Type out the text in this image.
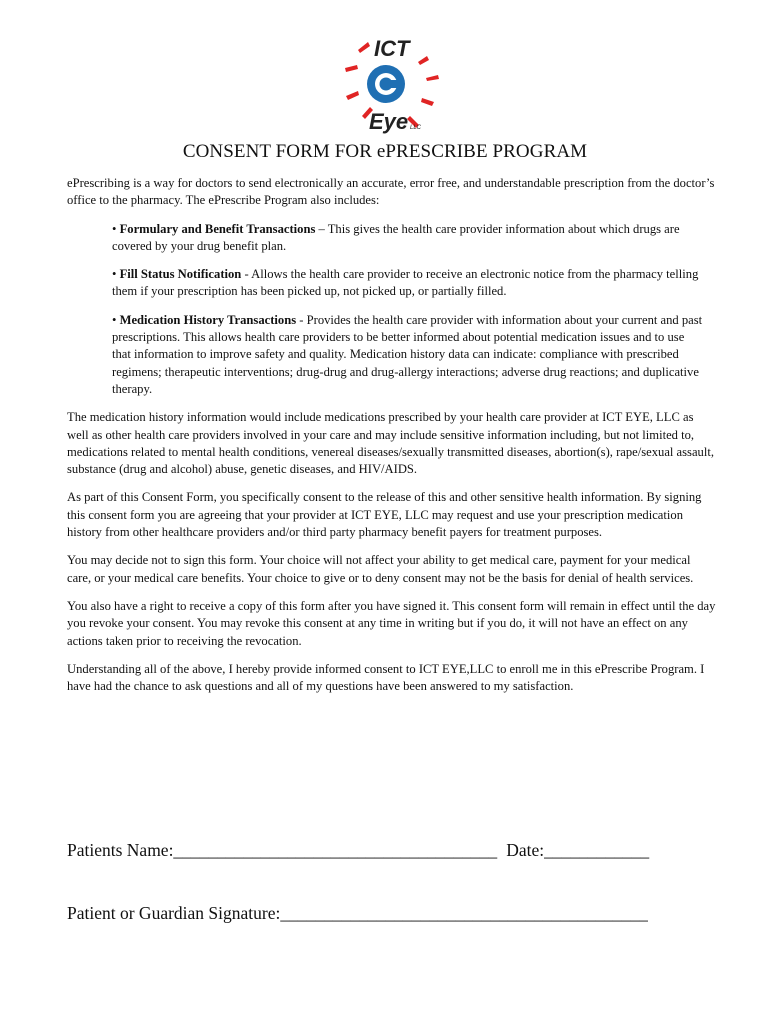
ICT
Eye LLC
CONSENT FORM FOR ePRESCRIBE PROGRAM

ePrescribing is a way for doctors to send electronically an accurate, error free, and understandable prescription from the doctor’s office to the pharmacy. The ePrescribe Program also includes:

• Formulary and Benefit Transactions – This gives the health care provider information about which drugs are covered by your drug benefit plan.

• Fill Status Notification - Allows the health care provider to receive an electronic notice from the pharmacy telling them if your prescription has been picked up, not picked up, or partially filled.

• Medication History Transactions - Provides the health care provider with information about your current and past prescriptions. This allows health care providers to be better informed about potential medication issues and to use that information to improve safety and quality. Medication history data can indicate: compliance with prescribed regimens; therapeutic interventions; drug-drug and drug-allergy interactions; adverse drug reactions; and duplicative therapy.

The medication history information would include medications prescribed by your health care provider at ICT EYE, LLC as well as other health care providers involved in your care and may include sensitive information including, but not limited to, medications related to mental health conditions, venereal diseases/sexually transmitted diseases, abortion(s), rape/sexual assault, substance (drug and alcohol) abuse, genetic diseases, and HIV/AIDS.

As part of this Consent Form, you specifically consent to the release of this and other sensitive health information. By signing this consent form you are agreeing that your provider at ICT EYE, LLC may request and use your prescription medication history from other healthcare providers and/or third party pharmacy benefit payers for treatment purposes.

You may decide not to sign this form. Your choice will not affect your ability to get medical care, payment for your medical care, or your medical care benefits. Your choice to give or to deny consent may not be the basis for denial of health services.

You also have a right to receive a copy of this form after you have signed it. This consent form will remain in effect until the day you revoke your consent. You may revoke this consent at any time in writing but if you do, it will not have an effect on any actions taken prior to receiving the revocation.

Understanding all of the above, I hereby provide informed consent to ICT EYE,LLC to enroll me in this ePrescribe Program. I have had the chance to ask questions and all of my questions have been answered to my satisfaction.

Patients Name:_____________________________________ Date:____________
Patient or Guardian Signature:__________________________________________
